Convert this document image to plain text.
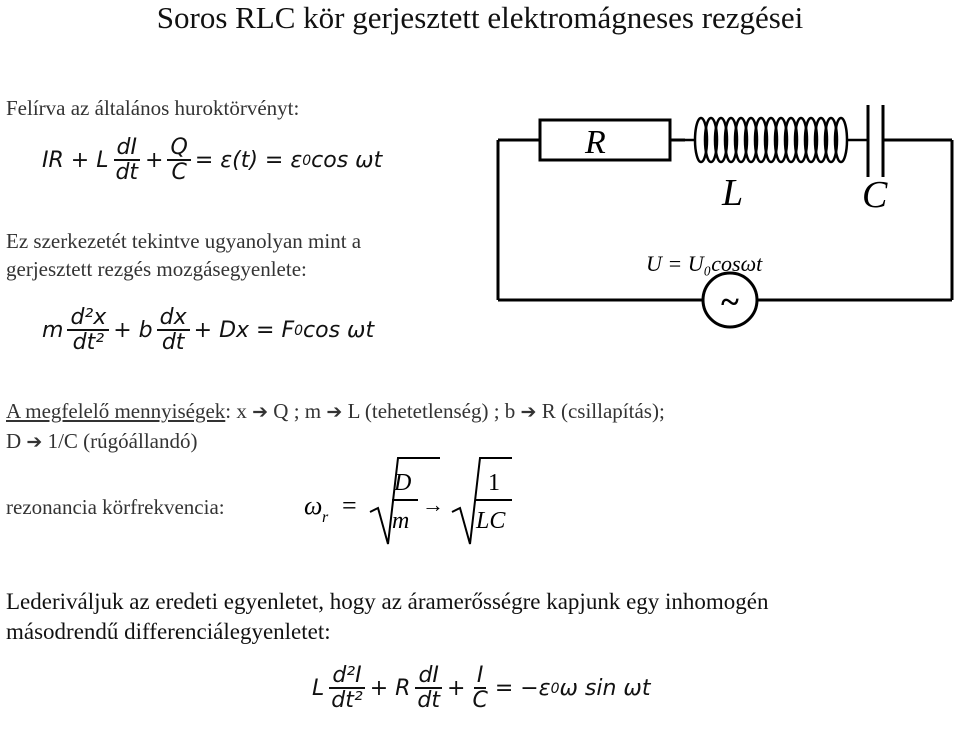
Soros RLC kör gerjesztett elektromágneses rezgései
Felírva az általános huroktörvényt:
IR + L $\frac{dI}{dt} + \frac{Q}{C} = \varepsilon(t) = \varepsilon$ 0 cos ωt
Ez szerkezetét tekintve ugyanolyan mint a
gerjesztett rezgés mozgásegyenlete:
m $\frac{\text{d²x}}{\text{dt²}} + b \frac{dx}{dt} + Dx = F$ 0 cos ωt
~
R
L	C
U = U₀cosωt
A megfelelő mennyiségek: x ➔ Q ; m ➔ L (tehetetlenség) ; b ➔ R (csillapítás);
D ➔ 1/C (rúgóállandó)
rezonancia körfrekvencia:	ω r =
D
m
→
1
LC
Lederiváljuk az eredeti egyenletet, hogy az áramerősségre kapjunk egy inhomogén
másodrendű differenciálegyenletet:
L $\frac{\text{d²I}}{\text{dt²}} + R \frac{dI}{dt} + \frac{I}{C} = -\varepsilon$ 0 ω sin ωt
